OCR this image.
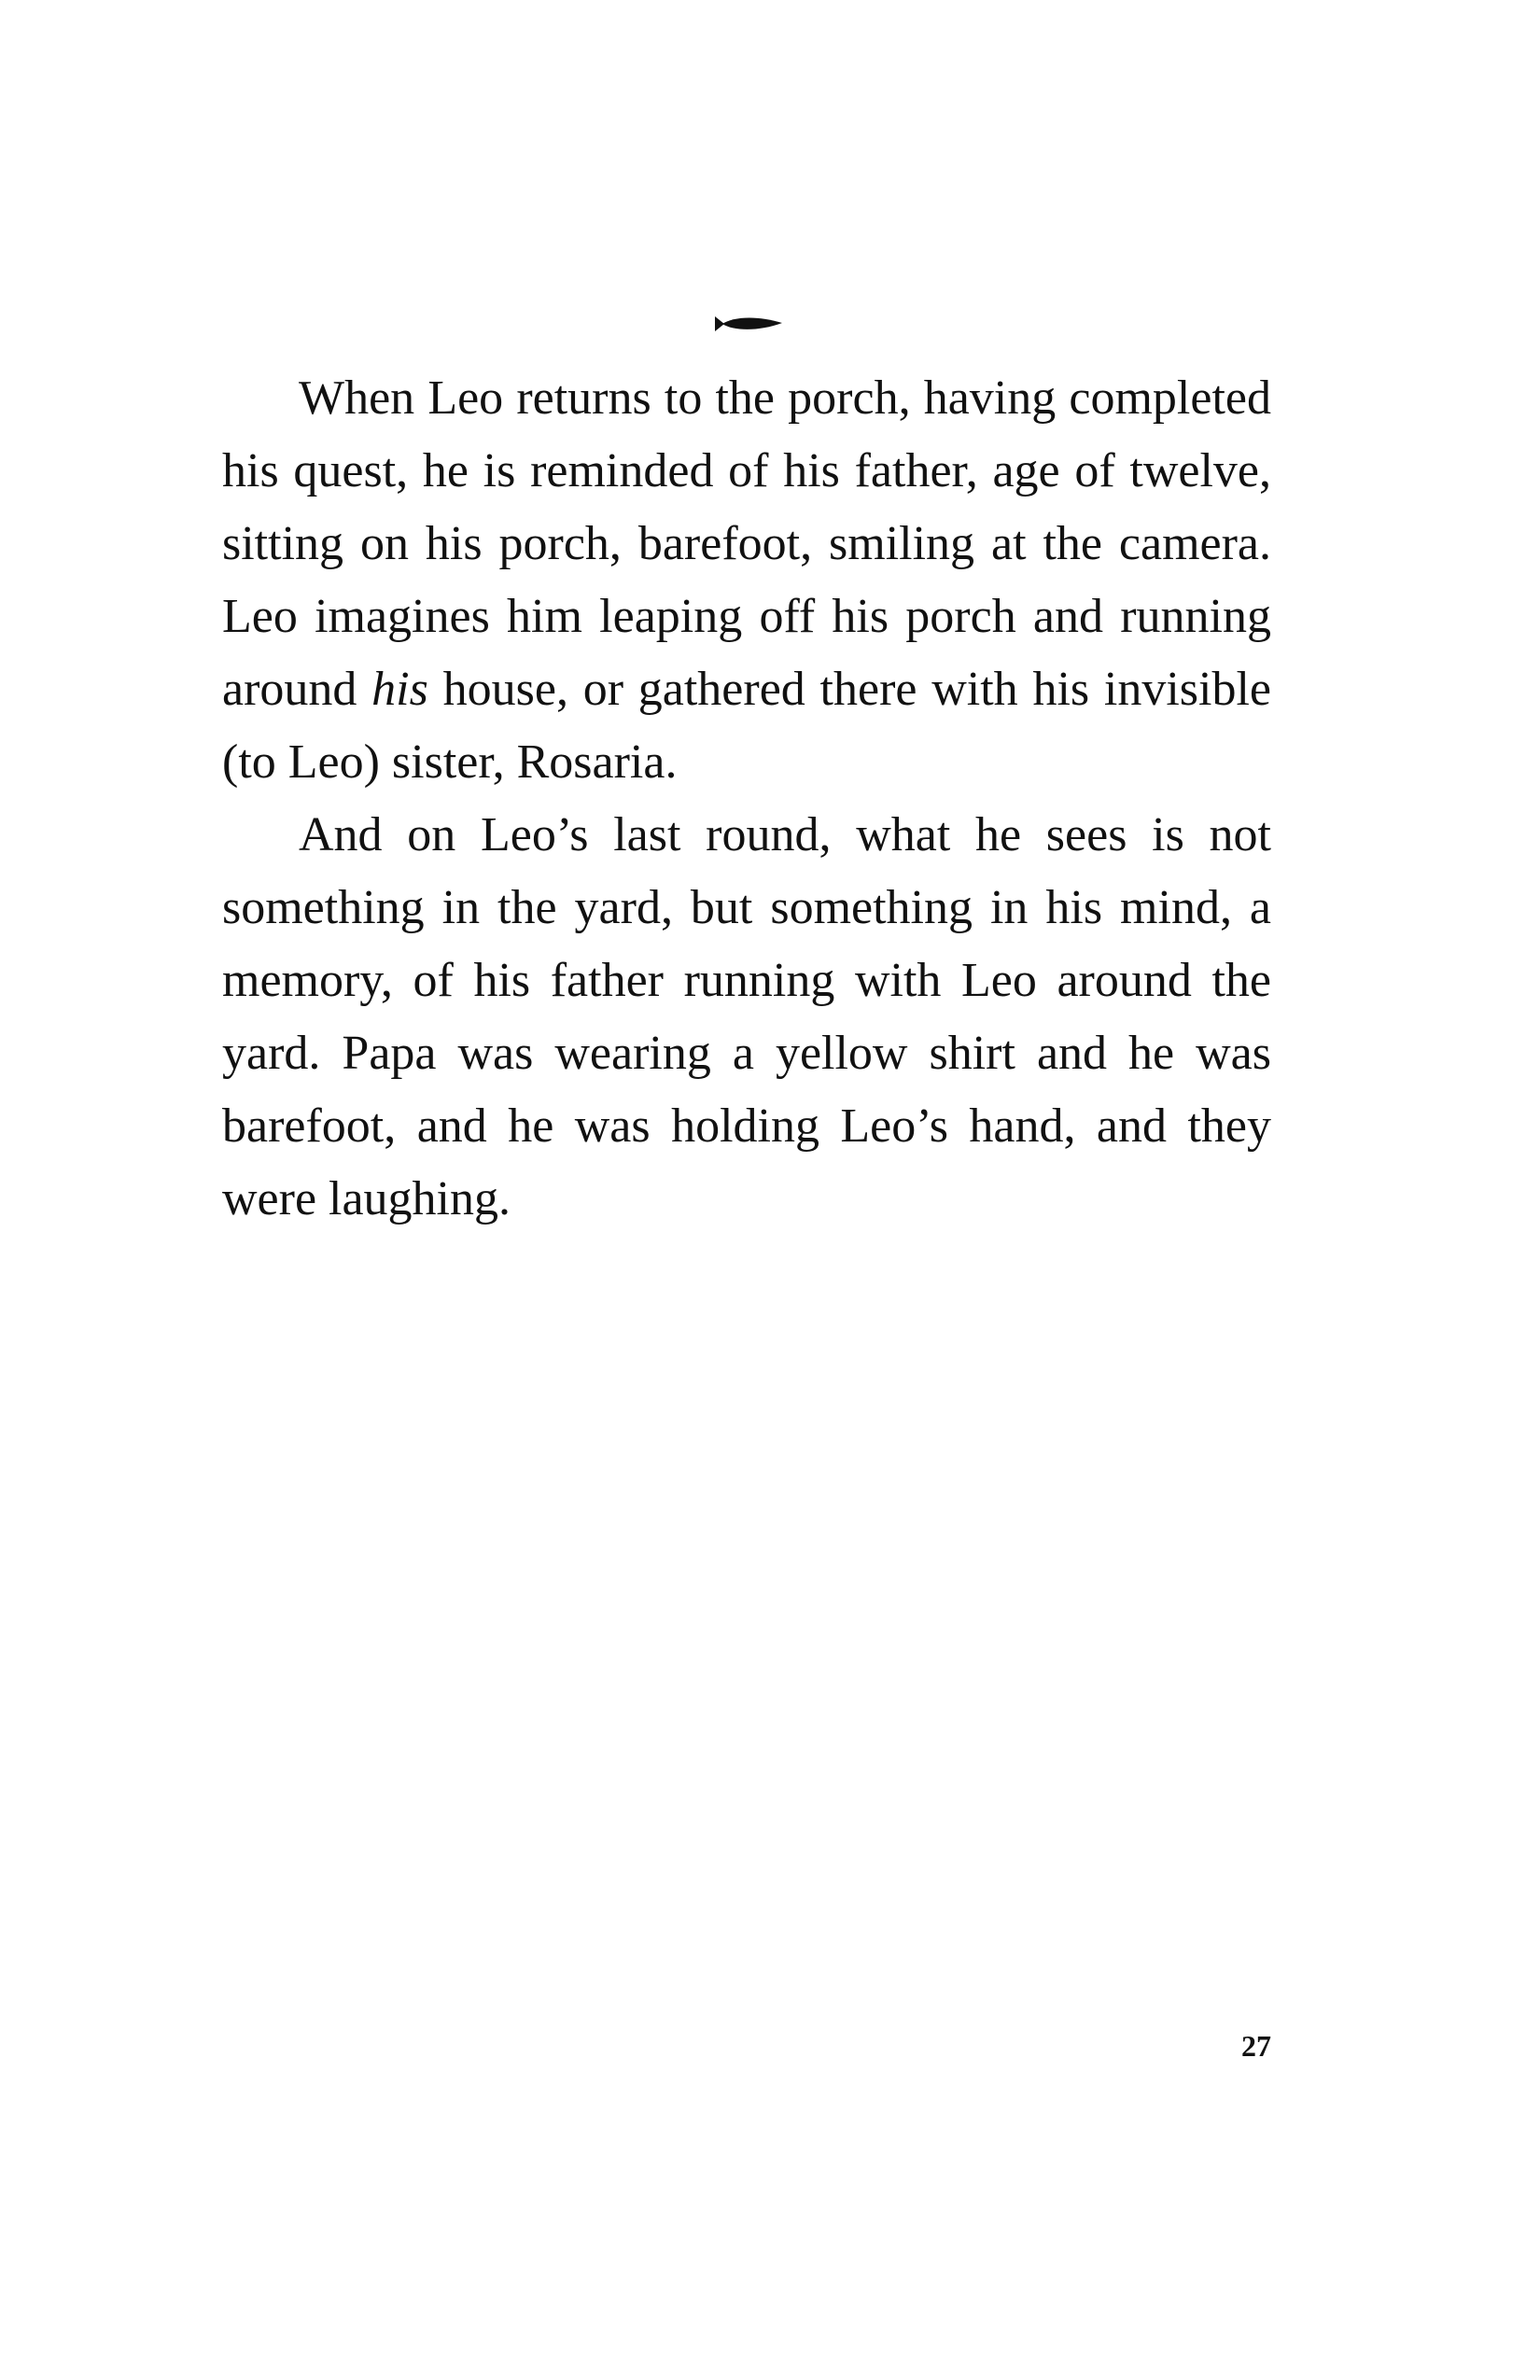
When Leo returns to the porch, having completed his quest, he is reminded of his father, age of twelve, sitting on his porch, barefoot, smiling at the camera. Leo imagines him leaping off his porch and running around his house, or gathered there with his invisible (to Leo) sister, Rosaria.

And on Leo’s last round, what he sees is not something in the yard, but something in his mind, a memory, of his father running with Leo around the yard. Papa was wearing a yellow shirt and he was barefoot, and he was holding Leo’s hand, and they were laughing.

27
